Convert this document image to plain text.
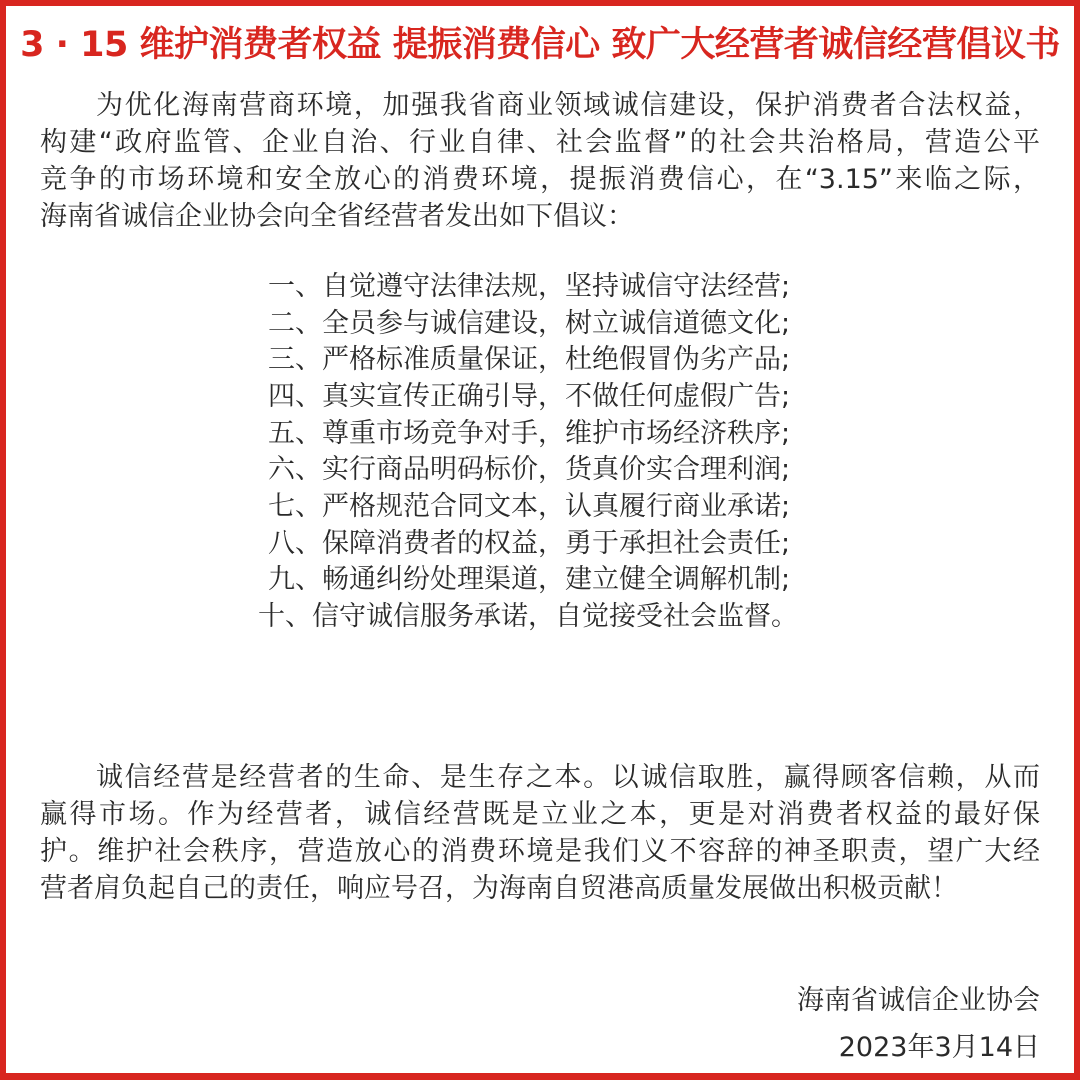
3 · 15 维护消费者权益 提振消费信心 致广大经营者诚信经营倡议书
为优化海南营商环境，加强我省商业领域诚信建设，保护消费者合法权益，
构建“政府监管、企业自治、行业自律、社会监督”的社会共治格局，营造公平
竞争的市场环境和安全放心的消费环境，提振消费信心，在“3.15”来临之际，
海南省诚信企业协会向全省经营者发出如下倡议：
一、自觉遵守法律法规，坚持诚信守法经营;
二、全员参与诚信建设，树立诚信道德文化;
三、严格标准质量保证，杜绝假冒伪劣产品;
四、真实宣传正确引导，不做任何虚假广告;
五、尊重市场竞争对手，维护市场经济秩序;
六、实行商品明码标价，货真价实合理利润;
七、严格规范合同文本，认真履行商业承诺;
八、保障消费者的权益，勇于承担社会责任;
九、畅通纠纷处理渠道，建立健全调解机制;
十、信守诚信服务承诺，自觉接受社会监督。
诚信经营是经营者的生命、是生存之本。以诚信取胜，赢得顾客信赖，从而
赢得市场。作为经营者，诚信经营既是立业之本，更是对消费者权益的最好保
护。维护社会秩序，营造放心的消费环境是我们义不容辞的神圣职责，望广大经
营者肩负起自己的责任，响应号召，为海南自贸港高质量发展做出积极贡献！
海南省诚信企业协会
2023年3月14日
